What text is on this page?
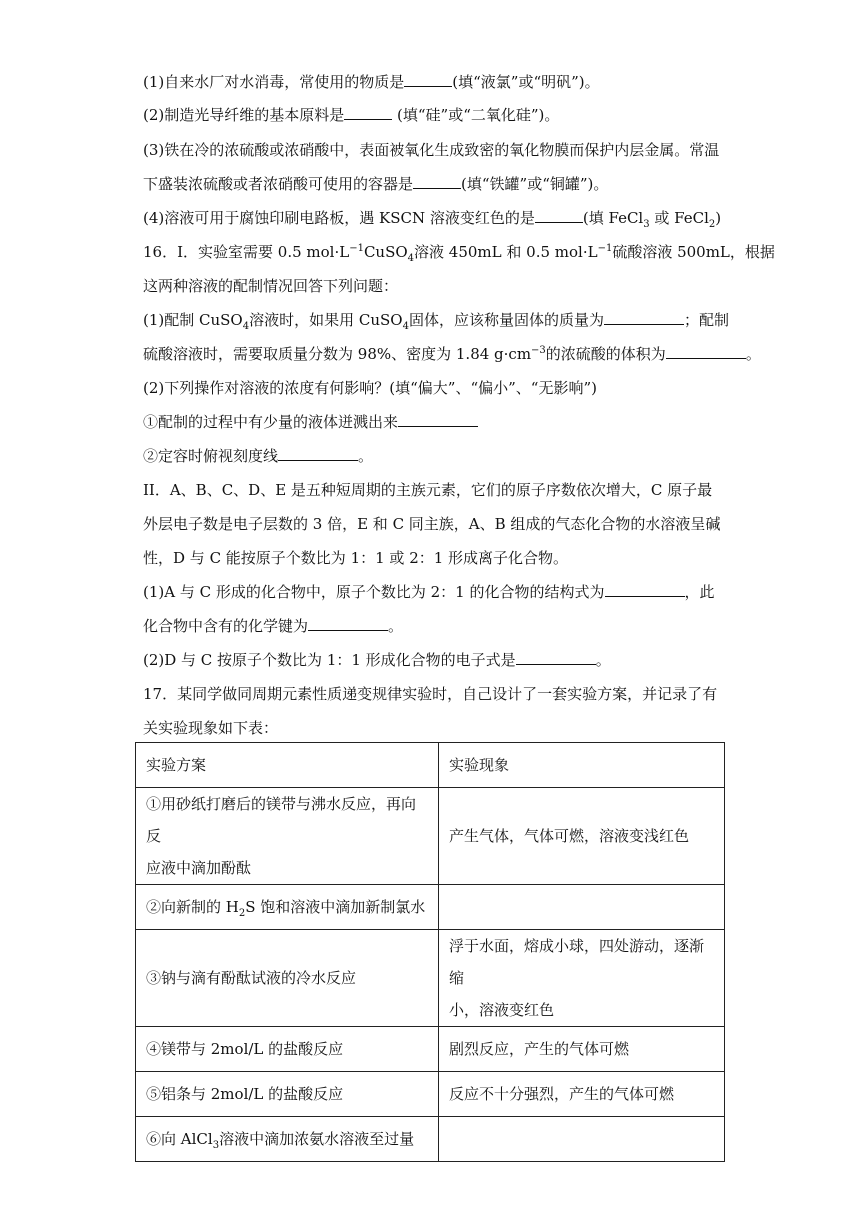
(1)自来水厂对水消毒，常使用的物质是	(填“液氯”或“明矾”)。
(2)制造光导纤维的基本原料是	(填“硅”或“二氧化硅”)。
(3)铁在冷的浓硫酸或浓硝酸中，表面被氧化生成致密的氧化物膜而保护内层金属。常温
下盛装浓硫酸或者浓硝酸可使用的容器是	(填“铁罐”或“铜罐”)。
(4)溶液可用于腐蚀印刷电路板，遇 KSCN 溶液变红色的是	(填 FeCl$_3$ 或 FeCl$_2$)
16．I．实验室需要 0.5 $mol\cdot L^{-1}CuSO_4$溶液 450mL 和 0.5 $mol\cdot L^{-1}$硫酸溶液 500mL，根据
这两种溶液的配制情况回答下列问题：
(1)配制 CuSO$_4$溶液时，如果用 CuSO$_4$固体，应该称量固体的质量为	；配制
硫酸溶液时，需要取质量分数为 98%、密度为 1.84 $g\cdot cm^{-3}$的浓硫酸的体积为	。
(2)下列操作对溶液的浓度有何影响？(填“偏大”、“偏小”、“无影响”)
①配制的过程中有少量的液体迸溅出来
②定容时俯视刻度线	。
II．A、B、C、D、E 是五种短周期的主族元素，它们的原子序数依次增大，C 原子最
外层电子数是电子层数的 3 倍，E 和 C 同主族，A、B 组成的气态化合物的水溶液呈碱
性，D 与 C 能按原子个数比为 1：1 或 2：1 形成离子化合物。
(1)A 与 C 形成的化合物中，原子个数比为 2：1 的化合物的结构式为	，此
化合物中含有的化学键为	。
(2)D 与 C 按原子个数比为 1：1 形成化合物的电子式是	。
17．某同学做同周期元素性质递变规律实验时，自己设计了一套实验方案，并记录了有
关实验现象如下表：
实验方案	实验现象

①用砂纸打磨后的镁带与沸水反应，再向反
应液中滴加酚酞	产生气体，气体可燃，溶液变浅红色
②向新制的 $H_2S$ 饱和溶液中滴加新制氯水	
③钠与滴有酚酞试液的冷水反应	浮于水面，熔成小球，四处游动，逐渐缩
小，溶液变红色

④镁带与 2mol/L 的盐酸反应	剧烈反应，产生的气体可燃
⑤铝条与 2mol/L 的盐酸反应	反应不十分强烈，产生的气体可燃
⑥向 AlCl$_3$溶液中滴加浓氨水溶液至过量	
